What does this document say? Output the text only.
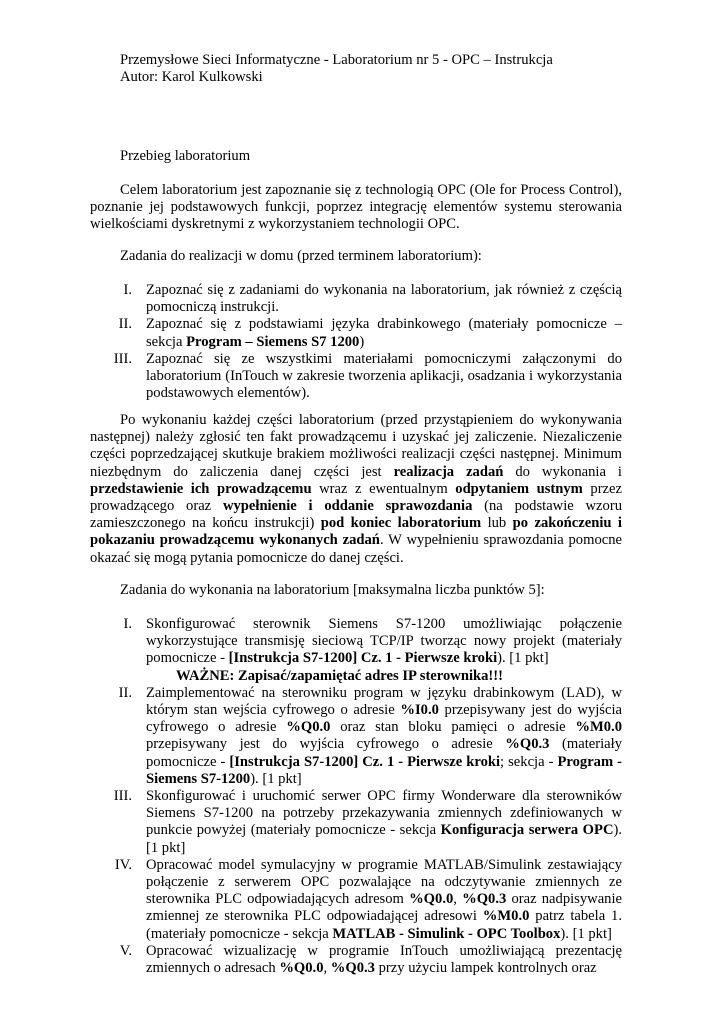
Przemysłowe Sieci Informatyczne - Laboratorium nr 5 - OPC – Instrukcja
Autor: Karol Kulkowski
Przebieg laboratorium
Celem laboratorium jest zapoznanie się z technologią OPC (Ole for Process Control), poznanie jej podstawowych funkcji, poprzez integrację elementów systemu sterowania wielkościami dyskretnymi z wykorzystaniem technologii OPC.
Zadania do realizacji w domu (przed terminem laboratorium):
I. Zapoznać się z zadaniami do wykonania na laboratorium, jak również z częścią pomocniczą instrukcji.
II. Zapoznać się z podstawiami języka drabinkowego (materiały pomocnicze – sekcja Program – Siemens S7 1200)
III. Zapoznać się ze wszystkimi materiałami pomocniczymi załączonymi do laboratorium (InTouch w zakresie tworzenia aplikacji, osadzania i wykorzystania podstawowych elementów).
Po wykonaniu każdej części laboratorium (przed przystąpieniem do wykonywania następnej) należy zgłosić ten fakt prowadzącemu i uzyskać jej zaliczenie. Niezaliczenie części poprzedzającej skutkuje brakiem możliwości realizacji części następnej. Minimum niezbędnym do zaliczenia danej części jest realizacja zadań do wykonania i przedstawienie ich prowadzącemu wraz z ewentualnym odpytaniem ustnym przez prowadzącego oraz wypełnienie i oddanie sprawozdania (na podstawie wzoru zamieszczonego na końcu instrukcji) pod koniec laboratorium lub po zakończeniu i pokazaniu prowadzącemu wykonanych zadań. W wypełnieniu sprawozdania pomocne okazać się mogą pytania pomocnicze do danej części.
Zadania do wykonania na laboratorium [maksymalna liczba punktów 5]:
I. Skonfigurować sterownik Siemens S7-1200 umożliwiając połączenie wykorzystujące transmisję sieciową TCP/IP tworząc nowy projekt (materiały pomocnicze - [Instrukcja S7-1200] Cz. 1 - Pierwsze kroki). [1 pkt]
WAŻNE: Zapisać/zapamiętać adres IP sterownika!!!
II. Zaimplementować na sterowniku program w języku drabinkowym (LAD), w którym stan wejścia cyfrowego o adresie %I0.0 przepisywany jest do wyjścia cyfrowego o adresie %Q0.0 oraz stan bloku pamięci o adresie %M0.0 przepisywany jest do wyjścia cyfrowego o adresie %Q0.3 (materiały pomocnicze - [Instrukcja S7-1200] Cz. 1 - Pierwsze kroki; sekcja - Program - Siemens S7-1200). [1 pkt]
III. Skonfigurować i uruchomić serwer OPC firmy Wonderware dla sterowników Siemens S7-1200 na potrzeby przekazywania zmiennych zdefiniowanych w punkcie powyżej (materiały pomocnicze - sekcja Konfiguracja serwera OPC). [1 pkt]
IV. Opracować model symulacyjny w programie MATLAB/Simulink zestawiający połączenie z serwerem OPC pozwalające na odczytywanie zmiennych ze sterownika PLC odpowiadających adresom %Q0.0, %Q0.3 oraz nadpisywanie zmiennej ze sterownika PLC odpowiadającej adresowi %M0.0 patrz tabela 1. (materiały pomocnicze - sekcja MATLAB - Simulink - OPC Toolbox). [1 pkt]
V. Opracować wizualizację w programie InTouch umożliwiającą prezentację zmiennych o adresach %Q0.0, %Q0.3 przy użyciu lampek kontrolnych oraz
